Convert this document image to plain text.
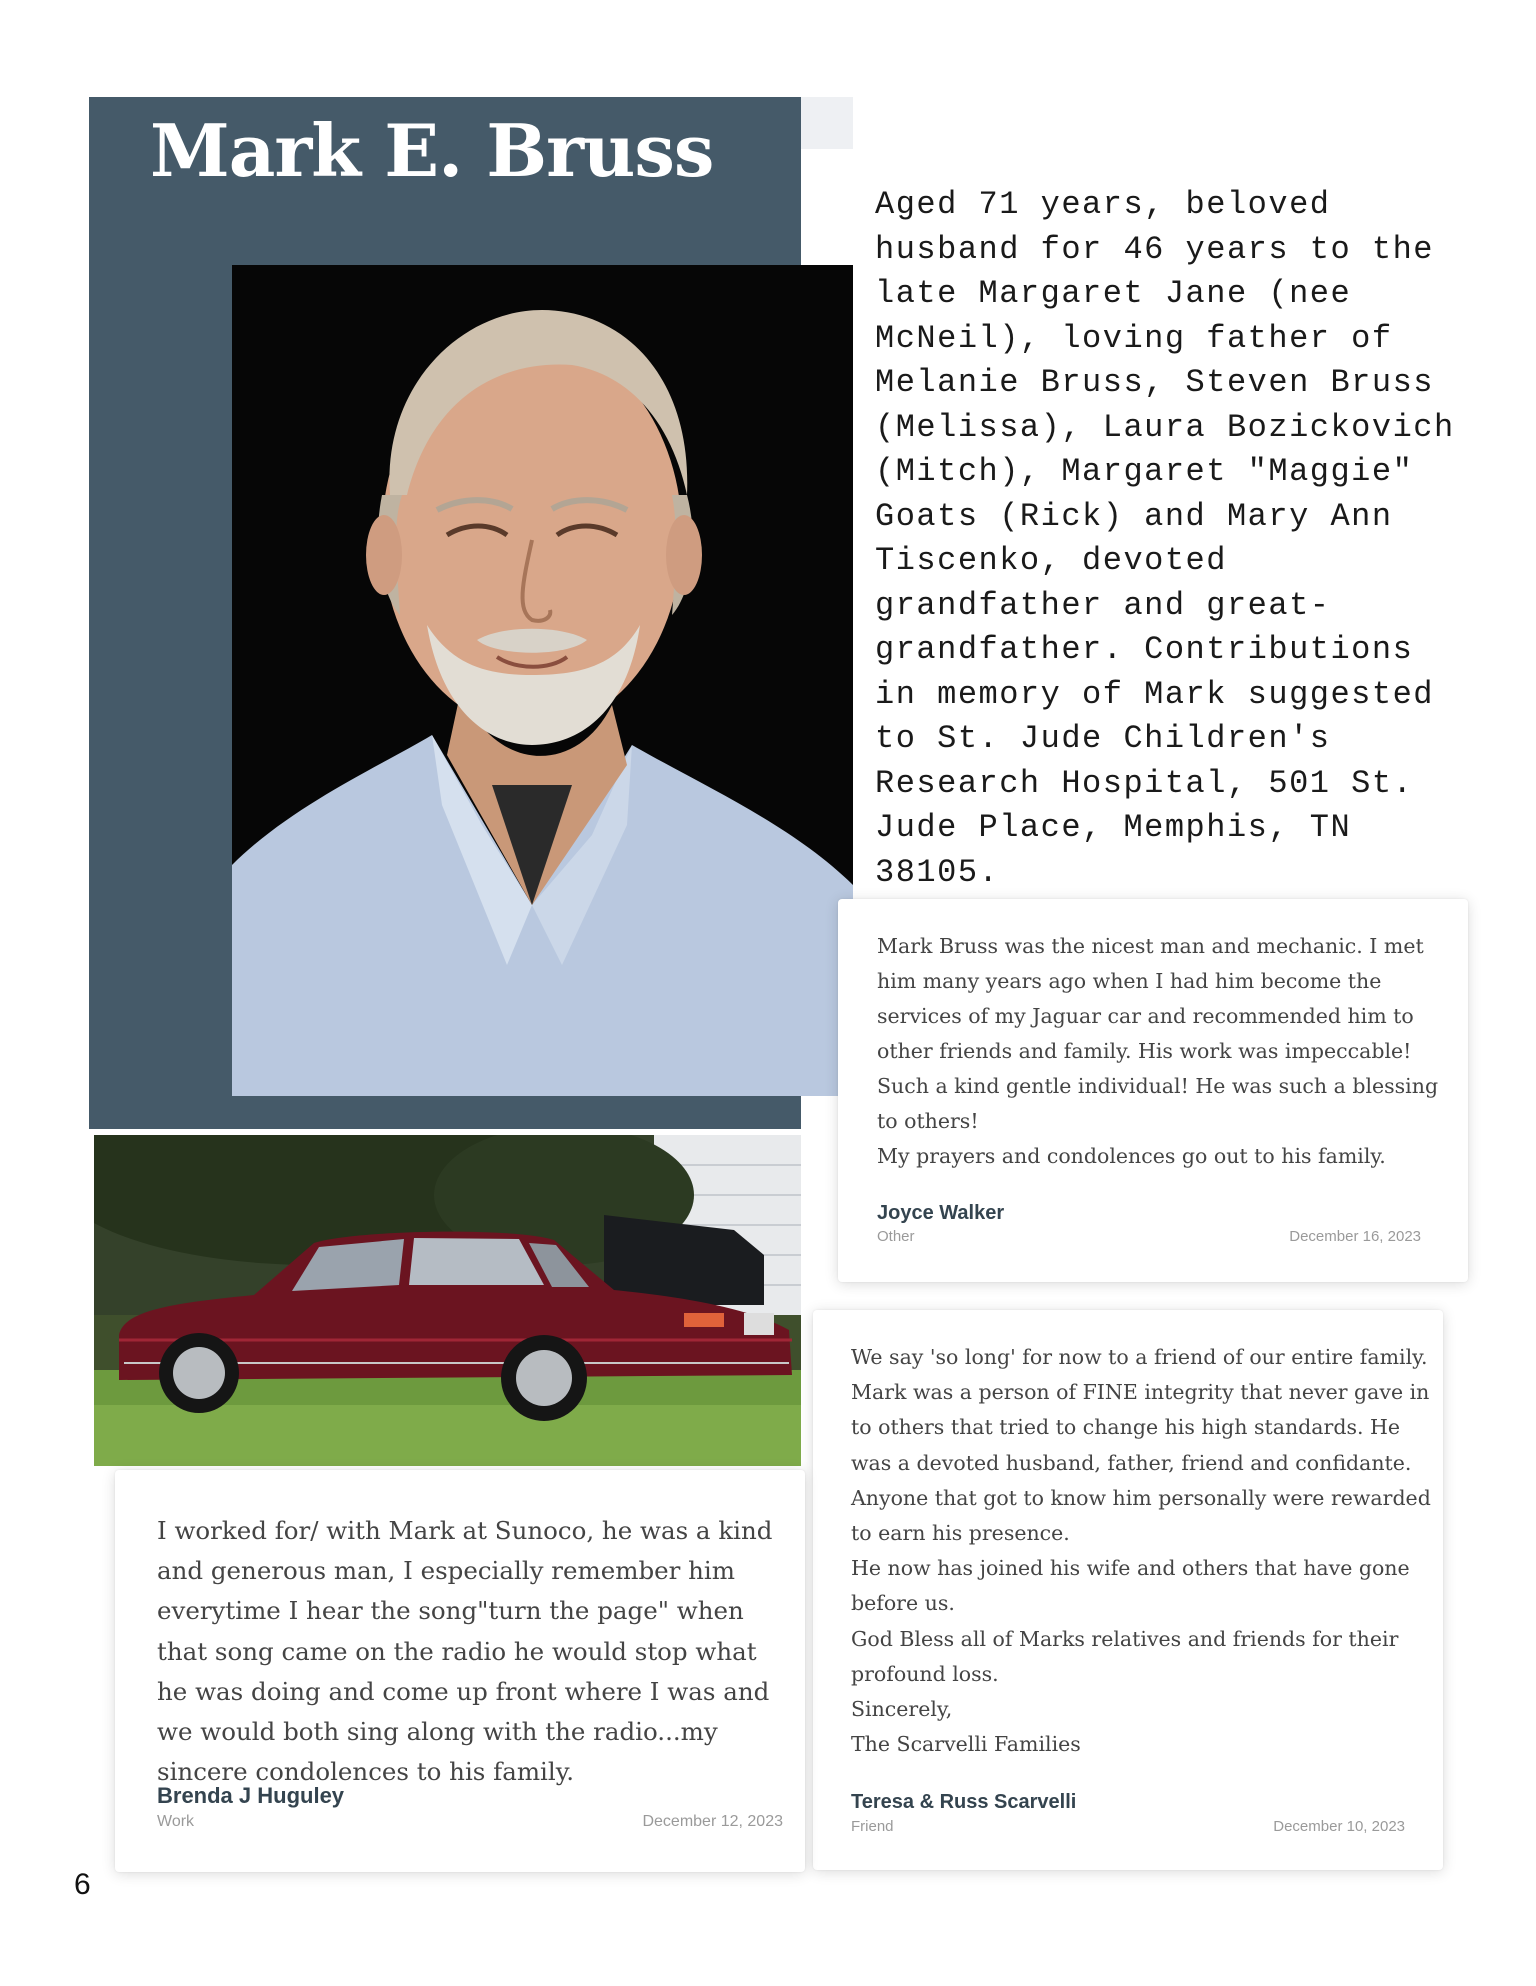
Mark E. Bruss

Aged 71 years, beloved husband for 46 years to the late Margaret Jane (nee McNeil), loving father of Melanie Bruss, Steven Bruss (Melissa), Laura Bozickovich (Mitch), Margaret "Maggie" Goats (Rick) and Mary Ann Tiscenko, devoted grandfather and great-grandfather. Contributions in memory of Mark suggested to St. Jude Children's Research Hospital, 501 St. Jude Place, Memphis, TN 38105.

Mark Bruss was the nicest man and mechanic. I met him many years ago when I had him become the services of my Jaguar car and recommended him to other friends and family. His work was impeccable! Such a kind gentle individual! He was such a blessing to others!
My prayers and condolences go out to his family.

Joyce Walker
Other	December 16, 2023

We say 'so long' for now to a friend of our entire family. Mark was a person of FINE integrity that never gave in to others that tried to change his high standards. He was a devoted husband, father, friend and confidante. Anyone that got to know him personally were rewarded to earn his presence.
He now has joined his wife and others that have gone before us.
God Bless all of Marks relatives and friends for their profound loss.
Sincerely,
The Scarvelli Families

Teresa & Russ Scarvelli
Friend	December 10, 2023

I worked for/ with Mark at Sunoco, he was a kind and generous man, I especially remember him everytime I hear the song"turn the page" when that song came on the radio he would stop what he was doing and come up front where I was and we would both sing along with the radio...my sincere condolences to his family.

Brenda J Huguley
Work	December 12, 2023
6
